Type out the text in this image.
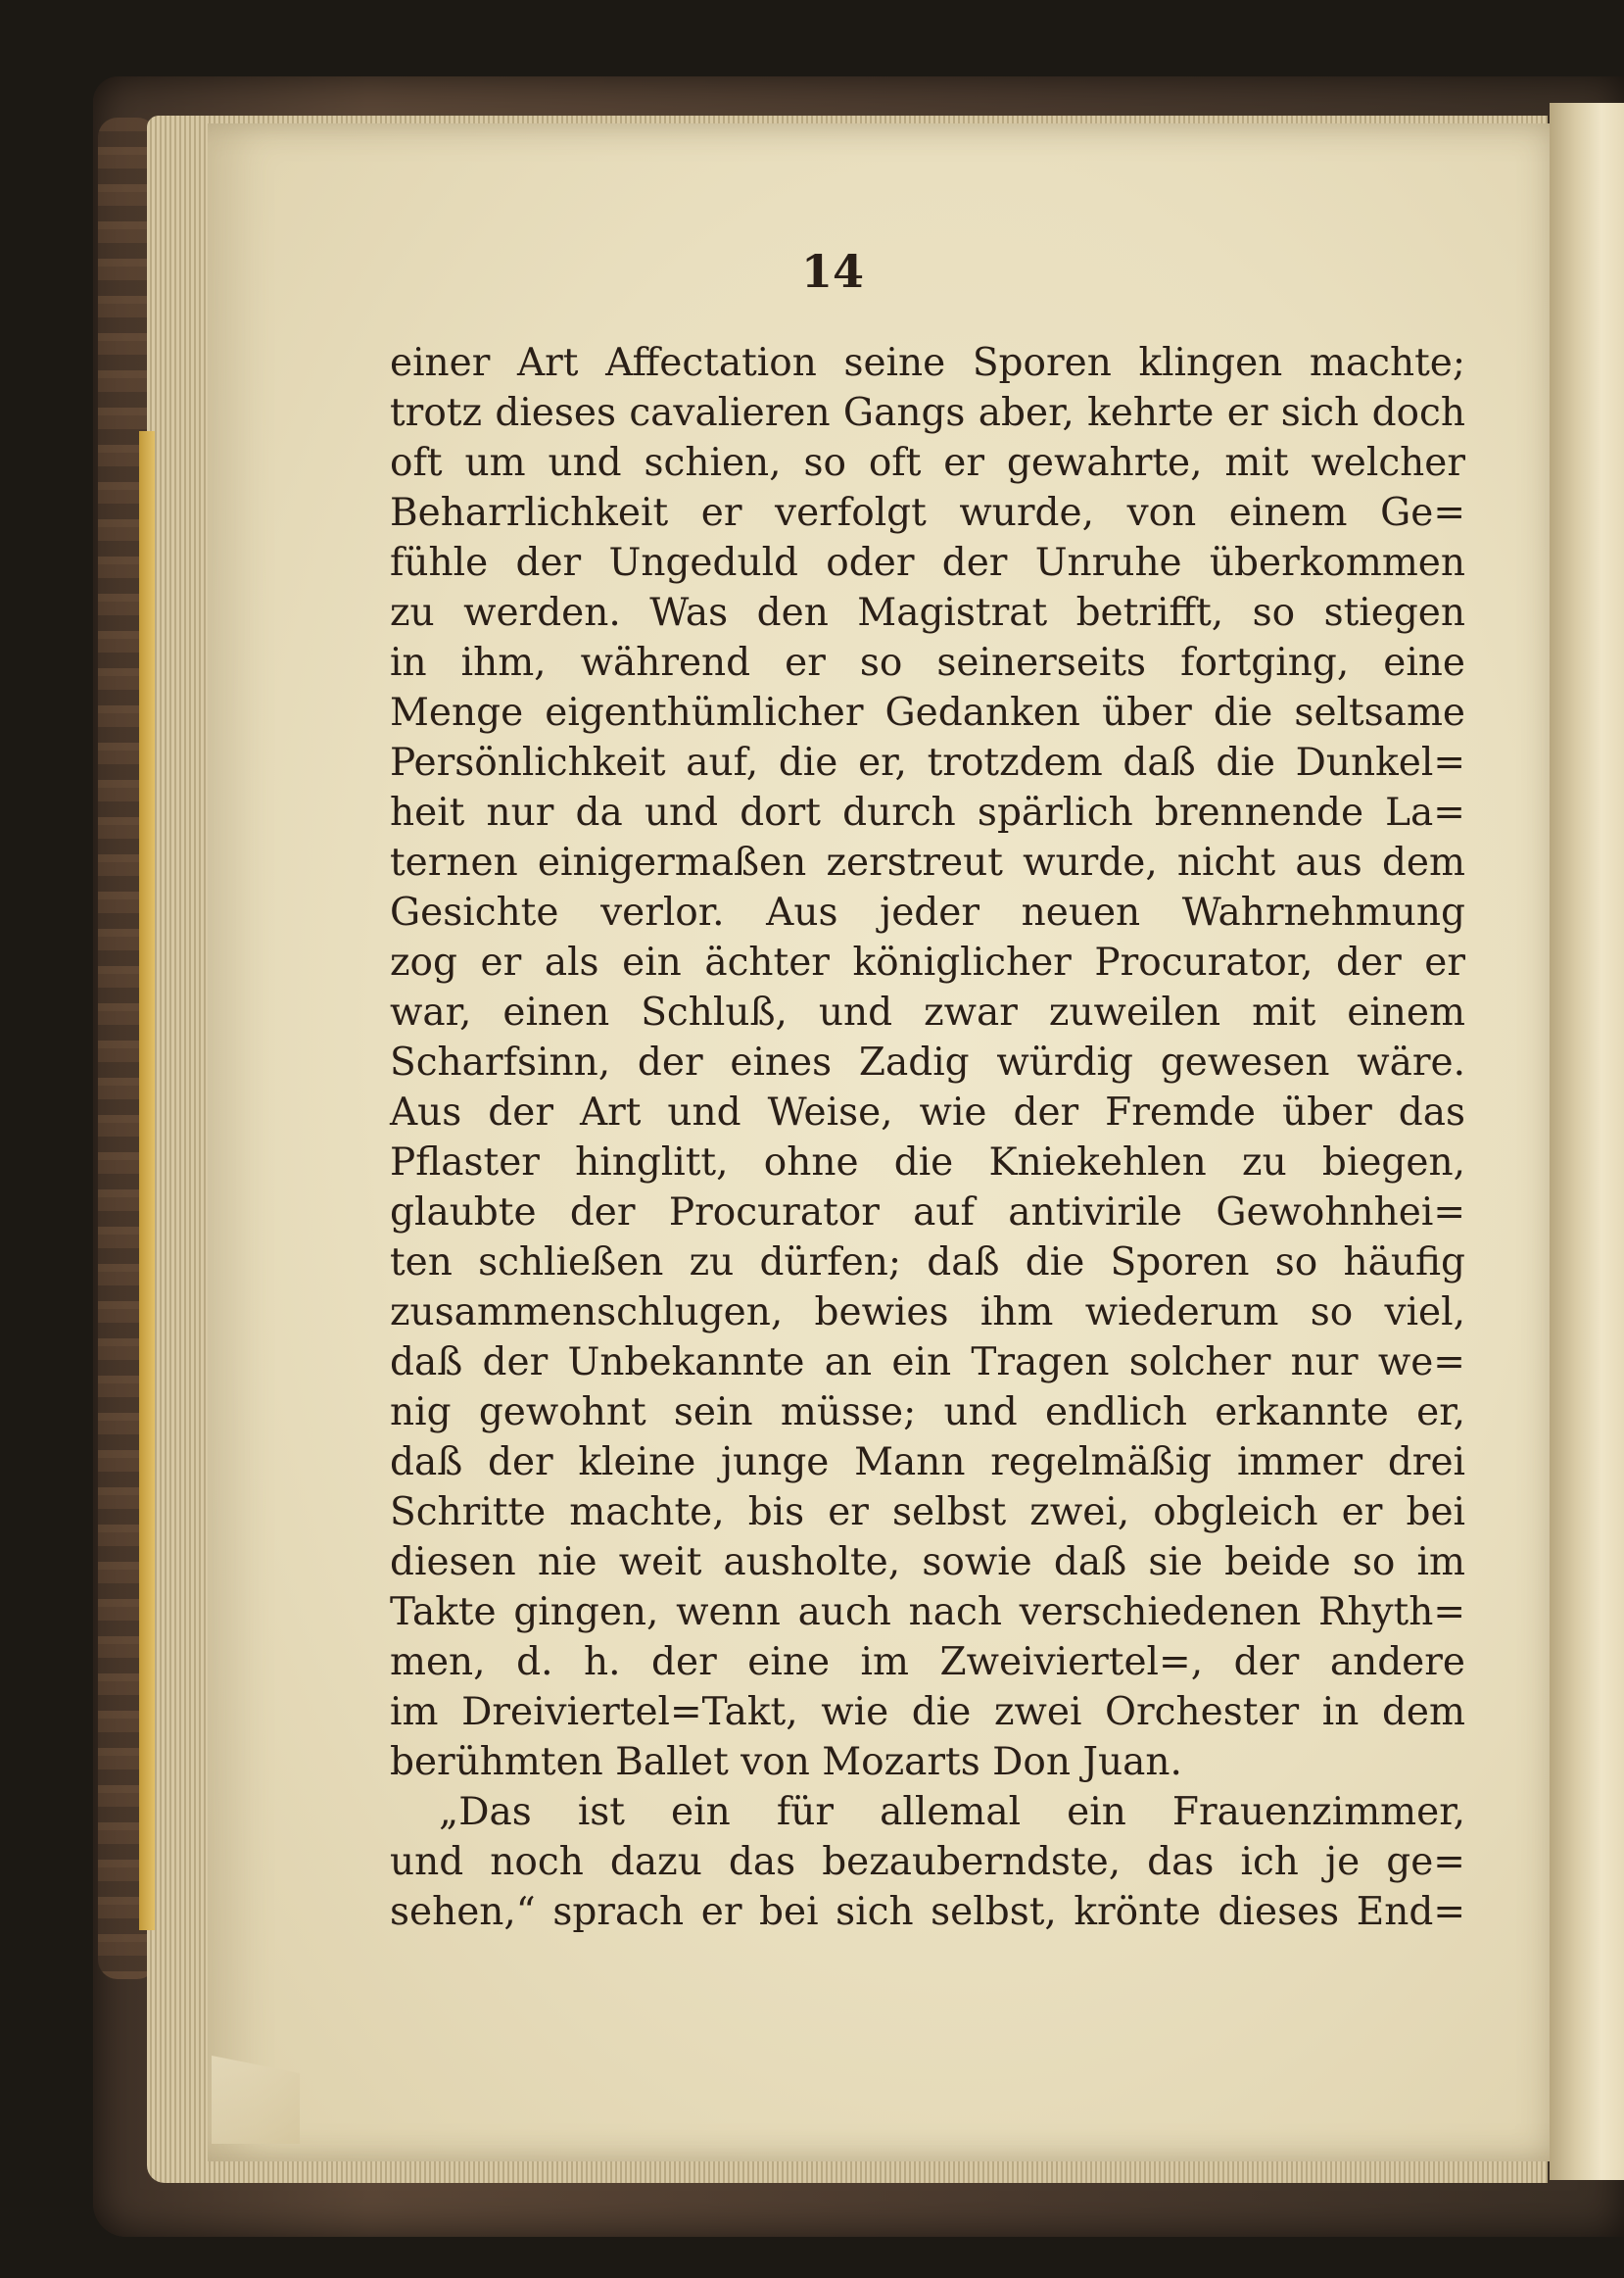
14
einer Art Affectation seine Sporen klingen machte;
trotz dieses cavalieren Gangs aber, kehrte er sich doch
oft um und schien, so oft er gewahrte, mit welcher
Beharrlichkeit er verfolgt wurde, von einem Ge=
fühle der Ungeduld oder der Unruhe überkommen
zu werden. Was den Magistrat betrifft, so stiegen
in ihm, während er so seinerseits fortging, eine
Menge eigenthümlicher Gedanken über die seltsame
Persönlichkeit auf, die er, trotzdem daß die Dunkel=
heit nur da und dort durch spärlich brennende La=
ternen einigermaßen zerstreut wurde, nicht aus dem
Gesichte verlor. Aus jeder neuen Wahrnehmung
zog er als ein ächter königlicher Procurator, der er
war, einen Schluß, und zwar zuweilen mit einem
Scharfsinn, der eines Zadig würdig gewesen wäre.
Aus der Art und Weise, wie der Fremde über das
Pflaster hinglitt, ohne die Kniekehlen zu biegen,
glaubte der Procurator auf antivirile Gewohnhei=
ten schließen zu dürfen; daß die Sporen so häufig
zusammenschlugen, bewies ihm wiederum so viel,
daß der Unbekannte an ein Tragen solcher nur we=
nig gewohnt sein müsse; und endlich erkannte er,
daß der kleine junge Mann regelmäßig immer drei
Schritte machte, bis er selbst zwei, obgleich er bei
diesen nie weit ausholte, sowie daß sie beide so im
Takte gingen, wenn auch nach verschiedenen Rhyth=
men, d. h. der eine im Zweiviertel=, der andere
im Dreiviertel=Takt, wie die zwei Orchester in dem
berühmten Ballet von Mozarts Don Juan.
„Das ist ein für allemal ein Frauenzimmer,
und noch dazu das bezauberndste, das ich je ge=
sehen,“ sprach er bei sich selbst, krönte dieses End=
